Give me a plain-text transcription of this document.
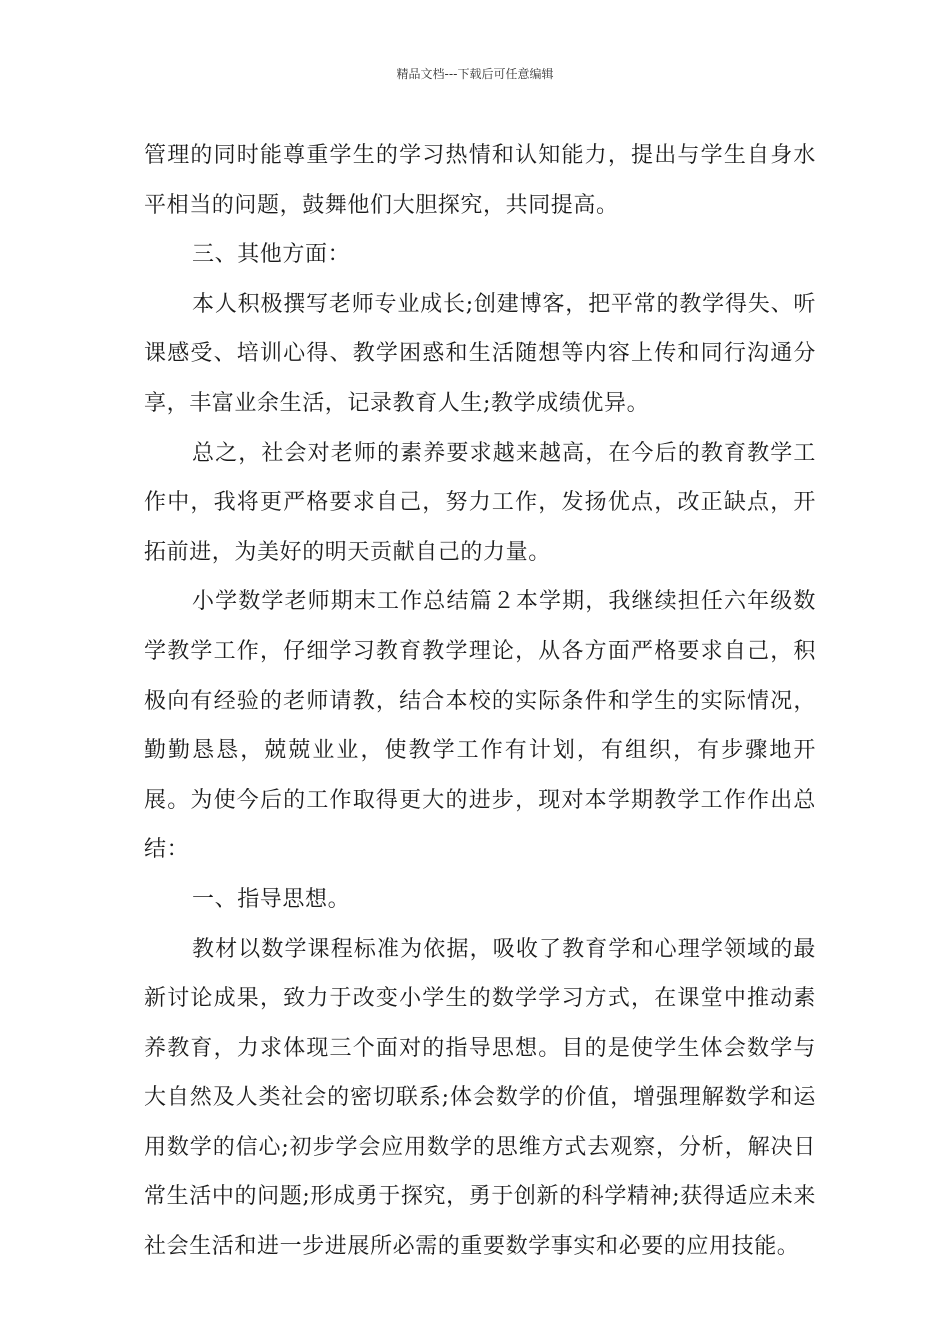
精品文档---下载后可任意编辑

管理的同时能尊重学生的学习热情和认知能力，提出与学生自身水平相当的问题，鼓舞他们大胆探究，共同提高。

三、其他方面：

本人积极撰写老师专业成长;创建博客，把平常的教学得失、听课感受、培训心得、教学困惑和生活随想等内容上传和同行沟通分享，丰富业余生活，记录教育人生;教学成绩优异。

总之，社会对老师的素养要求越来越高，在今后的教育教学工作中，我将更严格要求自己，努力工作，发扬优点，改正缺点，开拓前进，为美好的明天贡献自己的力量。

小学数学老师期末工作总结篇２本学期，我继续担任六年级数学教学工作，仔细学习教育教学理论，从各方面严格要求自己，积极向有经验的老师请教，结合本校的实际条件和学生的实际情况，勤勤恳恳，兢兢业业，使教学工作有计划，有组织，有步骤地开展。为使今后的工作取得更大的进步，现对本学期教学工作作出总结：

一、指导思想。

教材以数学课程标准为依据，吸收了教育学和心理学领域的最新讨论成果，致力于改变小学生的数学学习方式，在课堂中推动素养教育，力求体现三个面对的指导思想。目的是使学生体会数学与大自然及人类社会的密切联系;体会数学的价值，增强理解数学和运用数学的信心;初步学会应用数学的思维方式去观察，分析，解决日常生活中的问题;形成勇于探究，勇于创新的科学精神;获得适应未来社会生活和进一步进展所必需的重要数学事实和必要的应用技能。
